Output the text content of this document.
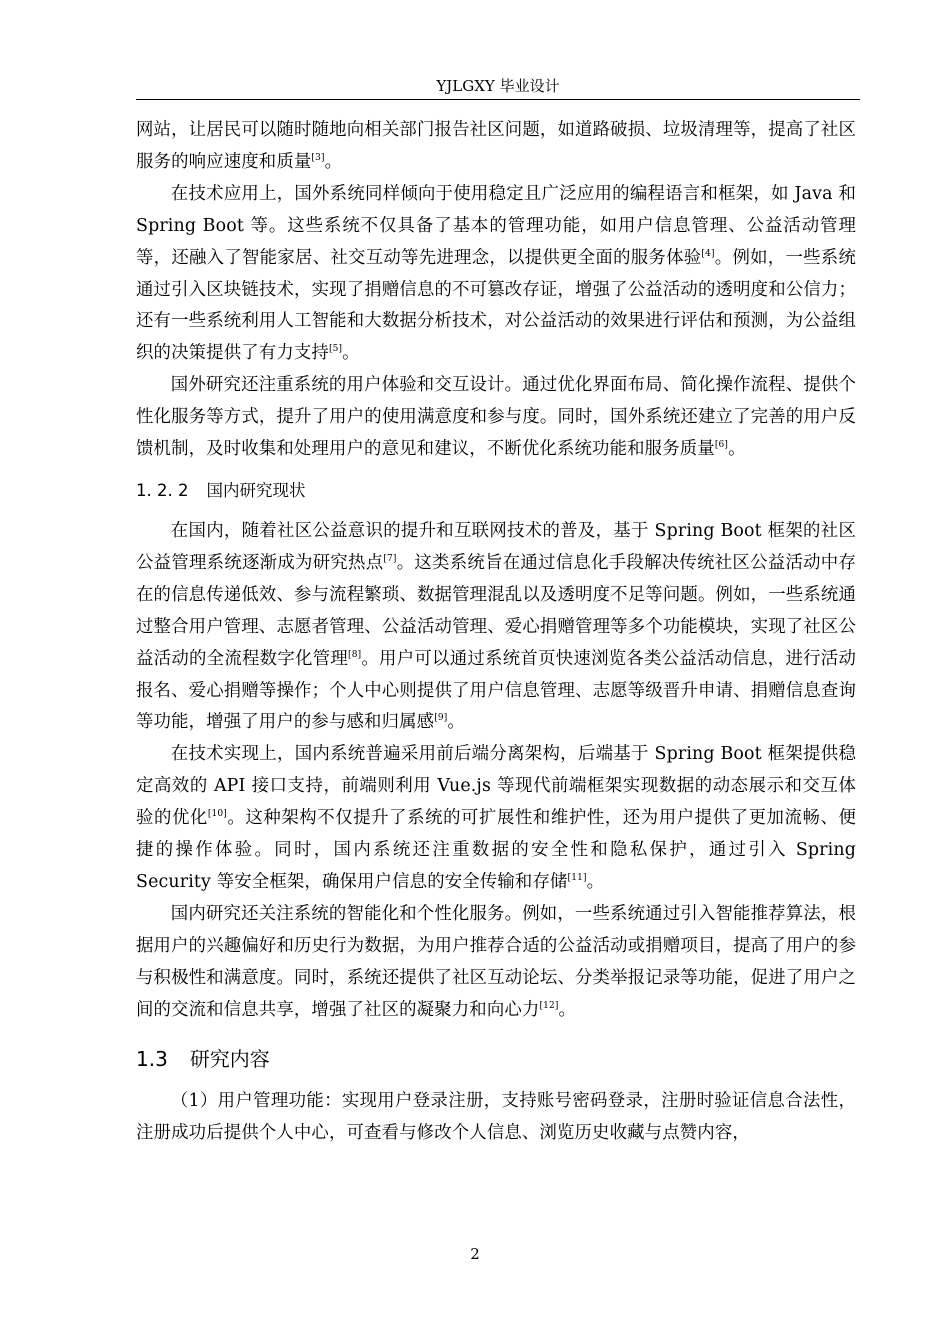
YJLGXY 毕业设计

网站，让居民可以随时随地向相关部门报告社区问题，如道路破损、垃圾清理等，提高了社区服务的响应速度和质量[3]。

在技术应用上，国外系统同样倾向于使用稳定且广泛应用的编程语言和框架，如 Java 和 Spring Boot 等。这些系统不仅具备了基本的管理功能，如用户信息管理、公益活动管理等，还融入了智能家居、社交互动等先进理念，以提供更全面的服务体验[4]。例如，一些系统通过引入区块链技术，实现了捐赠信息的不可篡改存证，增强了公益活动的透明度和公信力；还有一些系统利用人工智能和大数据分析技术，对公益活动的效果进行评估和预测，为公益组织的决策提供了有力支持[5]。

国外研究还注重系统的用户体验和交互设计。通过优化界面布局、简化操作流程、提供个性化服务等方式，提升了用户的使用满意度和参与度。同时，国外系统还建立了完善的用户反馈机制，及时收集和处理用户的意见和建议，不断优化系统功能和服务质量[6]。

1. 2. 2 国内研究现状

在国内，随着社区公益意识的提升和互联网技术的普及，基于 Spring Boot 框架的社区公益管理系统逐渐成为研究热点[7]。这类系统旨在通过信息化手段解决传统社区公益活动中存在的信息传递低效、参与流程繁琐、数据管理混乱以及透明度不足等问题。例如，一些系统通过整合用户管理、志愿者管理、公益活动管理、爱心捐赠管理等多个功能模块，实现了社区公益活动的全流程数字化管理[8]。用户可以通过系统首页快速浏览各类公益活动信息，进行活动报名、爱心捐赠等操作；个人中心则提供了用户信息管理、志愿等级晋升申请、捐赠信息查询等功能，增强了用户的参与感和归属感[9]。

在技术实现上，国内系统普遍采用前后端分离架构，后端基于 Spring Boot 框架提供稳定高效的 API 接口支持，前端则利用 Vue.js 等现代前端框架实现数据的动态展示和交互体验的优化[10]。这种架构不仅提升了系统的可扩展性和维护性，还为用户提供了更加流畅、便捷的操作体验。同时，国内系统还注重数据的安全性和隐私保护，通过引入 Spring Security 等安全框架，确保用户信息的安全传输和存储[11]。

国内研究还关注系统的智能化和个性化服务。例如，一些系统通过引入智能推荐算法，根据用户的兴趣偏好和历史行为数据，为用户推荐合适的公益活动或捐赠项目，提高了用户的参与积极性和满意度。同时，系统还提供了社区互动论坛、分类举报记录等功能，促进了用户之间的交流和信息共享，增强了社区的凝聚力和向心力[12]。

1.3 研究内容

（1）用户管理功能：实现用户登录注册，支持账号密码登录，注册时验证信息合法性，注册成功后提供个人中心，可查看与修改个人信息、浏览历史收藏与点赞内容，

2
